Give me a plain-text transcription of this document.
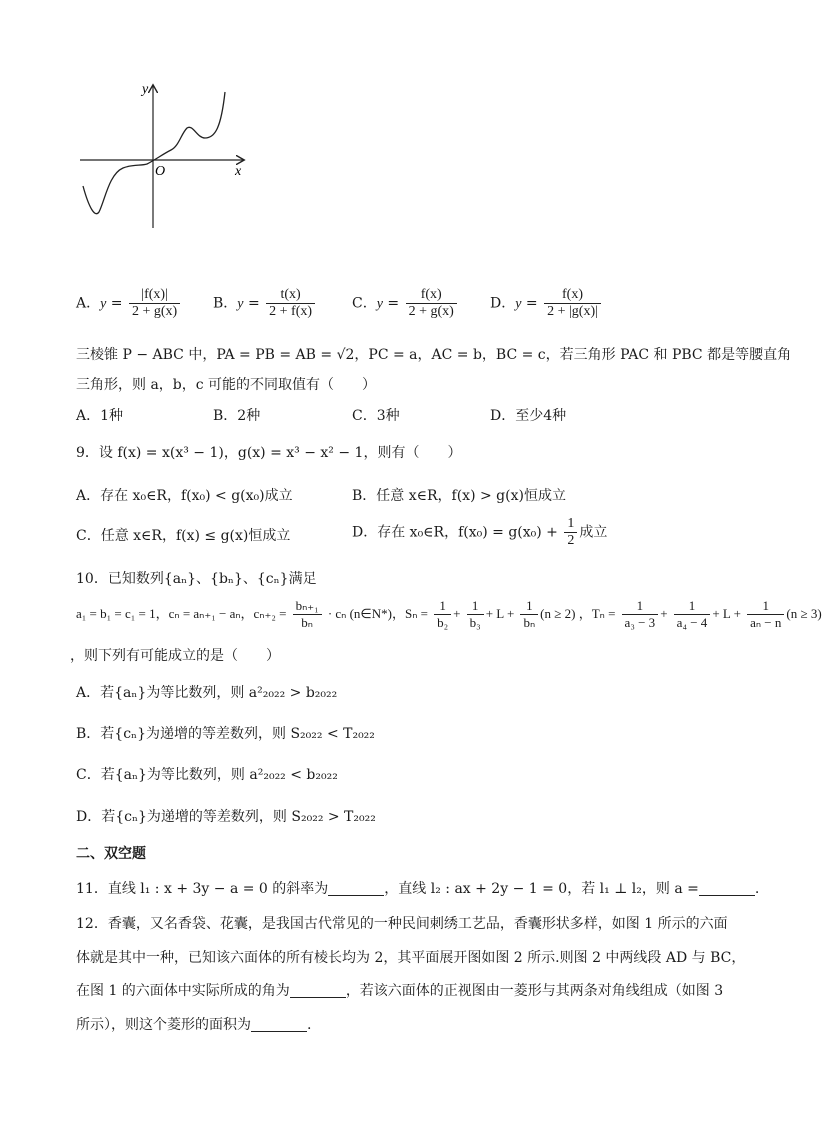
y
x
O
A．$y = \frac{|f(x)|}{2 + g(x)}$ B．$y = \frac{t(x)}{2 + f(x)}$	C．$y = \frac{f(x)}{2 + g(x)}$ D．$y = \frac{f(x)}{2 + |g(x)|}$
三棱锥 P − ABC 中，PA = PB = AB = √2，PC = a，AC = b，BC = c，若三角形 PAC 和 PBC 都是等腰直角
三角形，则 a，b，c 可能的不同取值有（　　）
A．1种	B．2种	C．3种	D．至少4种
9．设 f(x) = x(x³ − 1)，g(x) = x³ − x² − 1，则有（　　）
A．存在 x₀∈R，f(x₀) < g(x₀)成立	B．任意 x∈R，f(x) > g(x)恒成立
C．任意 x∈R，f(x) ≤ g(x)恒成立	D．存在 x₀∈R，$f(x_0) = g(x_0) + \frac{1}{2}$ 成立
10．已知数列{aₙ}、{bₙ}、{cₙ}满足
a₁ = b₁ = c₁ = 1，cₙ = aₙ₊₁ − aₙ，$c_{n+2} = \frac{\text{bₙ₊₁}}{\text{bₙ}} \cdot c_n$ (n∈N*)，$S_n = \frac{1}{\text{b₂}} + \frac{1}{\text{b₃}} + L + \frac{1}{\text{bₙ}} (n \ge 2)$ ，$T_n = \frac{1}{\text{a₃ − 3}} + \frac{1}{\text{a₄ − 4}} + L + \frac{1}{\text{aₙ − n}} (n \ge 3)$
，则下列有可能成立的是（　　）
A．若{aₙ}为等比数列，则 a²₂₀₂₂ > b₂₀₂₂
B．若{cₙ}为递增的等差数列，则 S₂₀₂₂ < T₂₀₂₂
C．若{aₙ}为等比数列，则 a²₂₀₂₂ < b₂₀₂₂
D．若{cₙ}为递增的等差数列，则 S₂₀₂₂ > T₂₀₂₂
二、双空题
11．直线 l₁ : x + 3y − a = 0 的斜率为	，直线 l₂ : ax + 2y − 1 = 0，若 l₁ ⊥ l₂，则 a =	.
12．香囊，又名香袋、花囊，是我国古代常见的一种民间刺绣工艺品，香囊形状多样，如图 1 所示的六面
体就是其中一种，已知该六面体的所有棱长均为 2，其平面展开图如图 2 所示.则图 2 中两线段 AD 与 BC，
在图 1 的六面体中实际所成的角为	，若该六面体的正视图由一菱形与其两条对角线组成（如图 3
所示），则这个菱形的面积为	.
